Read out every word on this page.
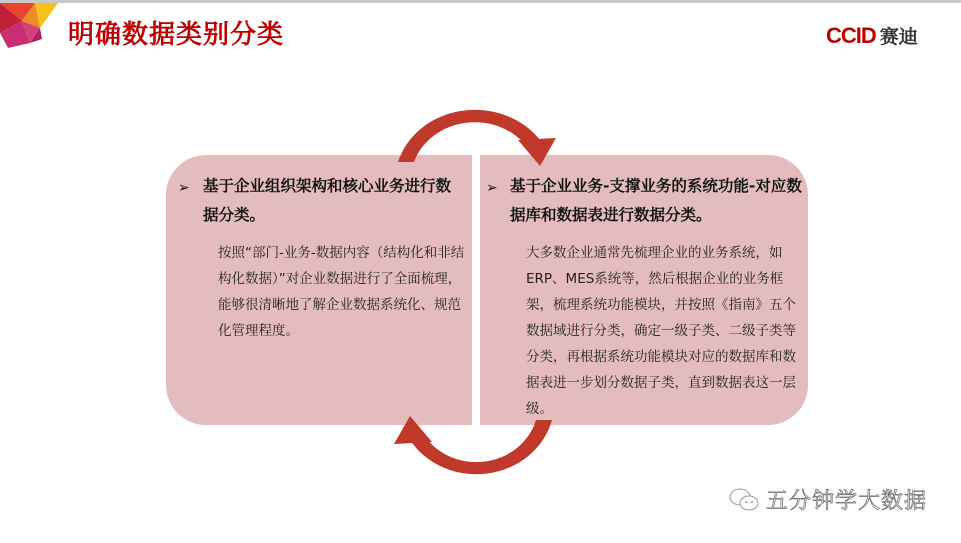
明确数据类别分类	CCID 赛迪
➢ 基于企业组织架构和核心业务进行数据分类。
按照“部门-业务-数据内容（结构化和非结构化数据）”对企业数据进行了全面梳理，能够很清晰地了解企业数据系统化、规范化管理程度。
➢ 基于企业业务-支撑业务的系统功能-对应数据库和数据表进行数据分类。
大多数企业通常先梳理企业的业务系统，如ERP、MES系统等，然后根据企业的业务框架，梳理系统功能模块，并按照《指南》五个数据域进行分类，确定一级子类、二级子类等分类，再根据系统功能模块对应的数据库和数据表进一步划分数据子类，直到数据表这一层级。
五分钟学大数据
